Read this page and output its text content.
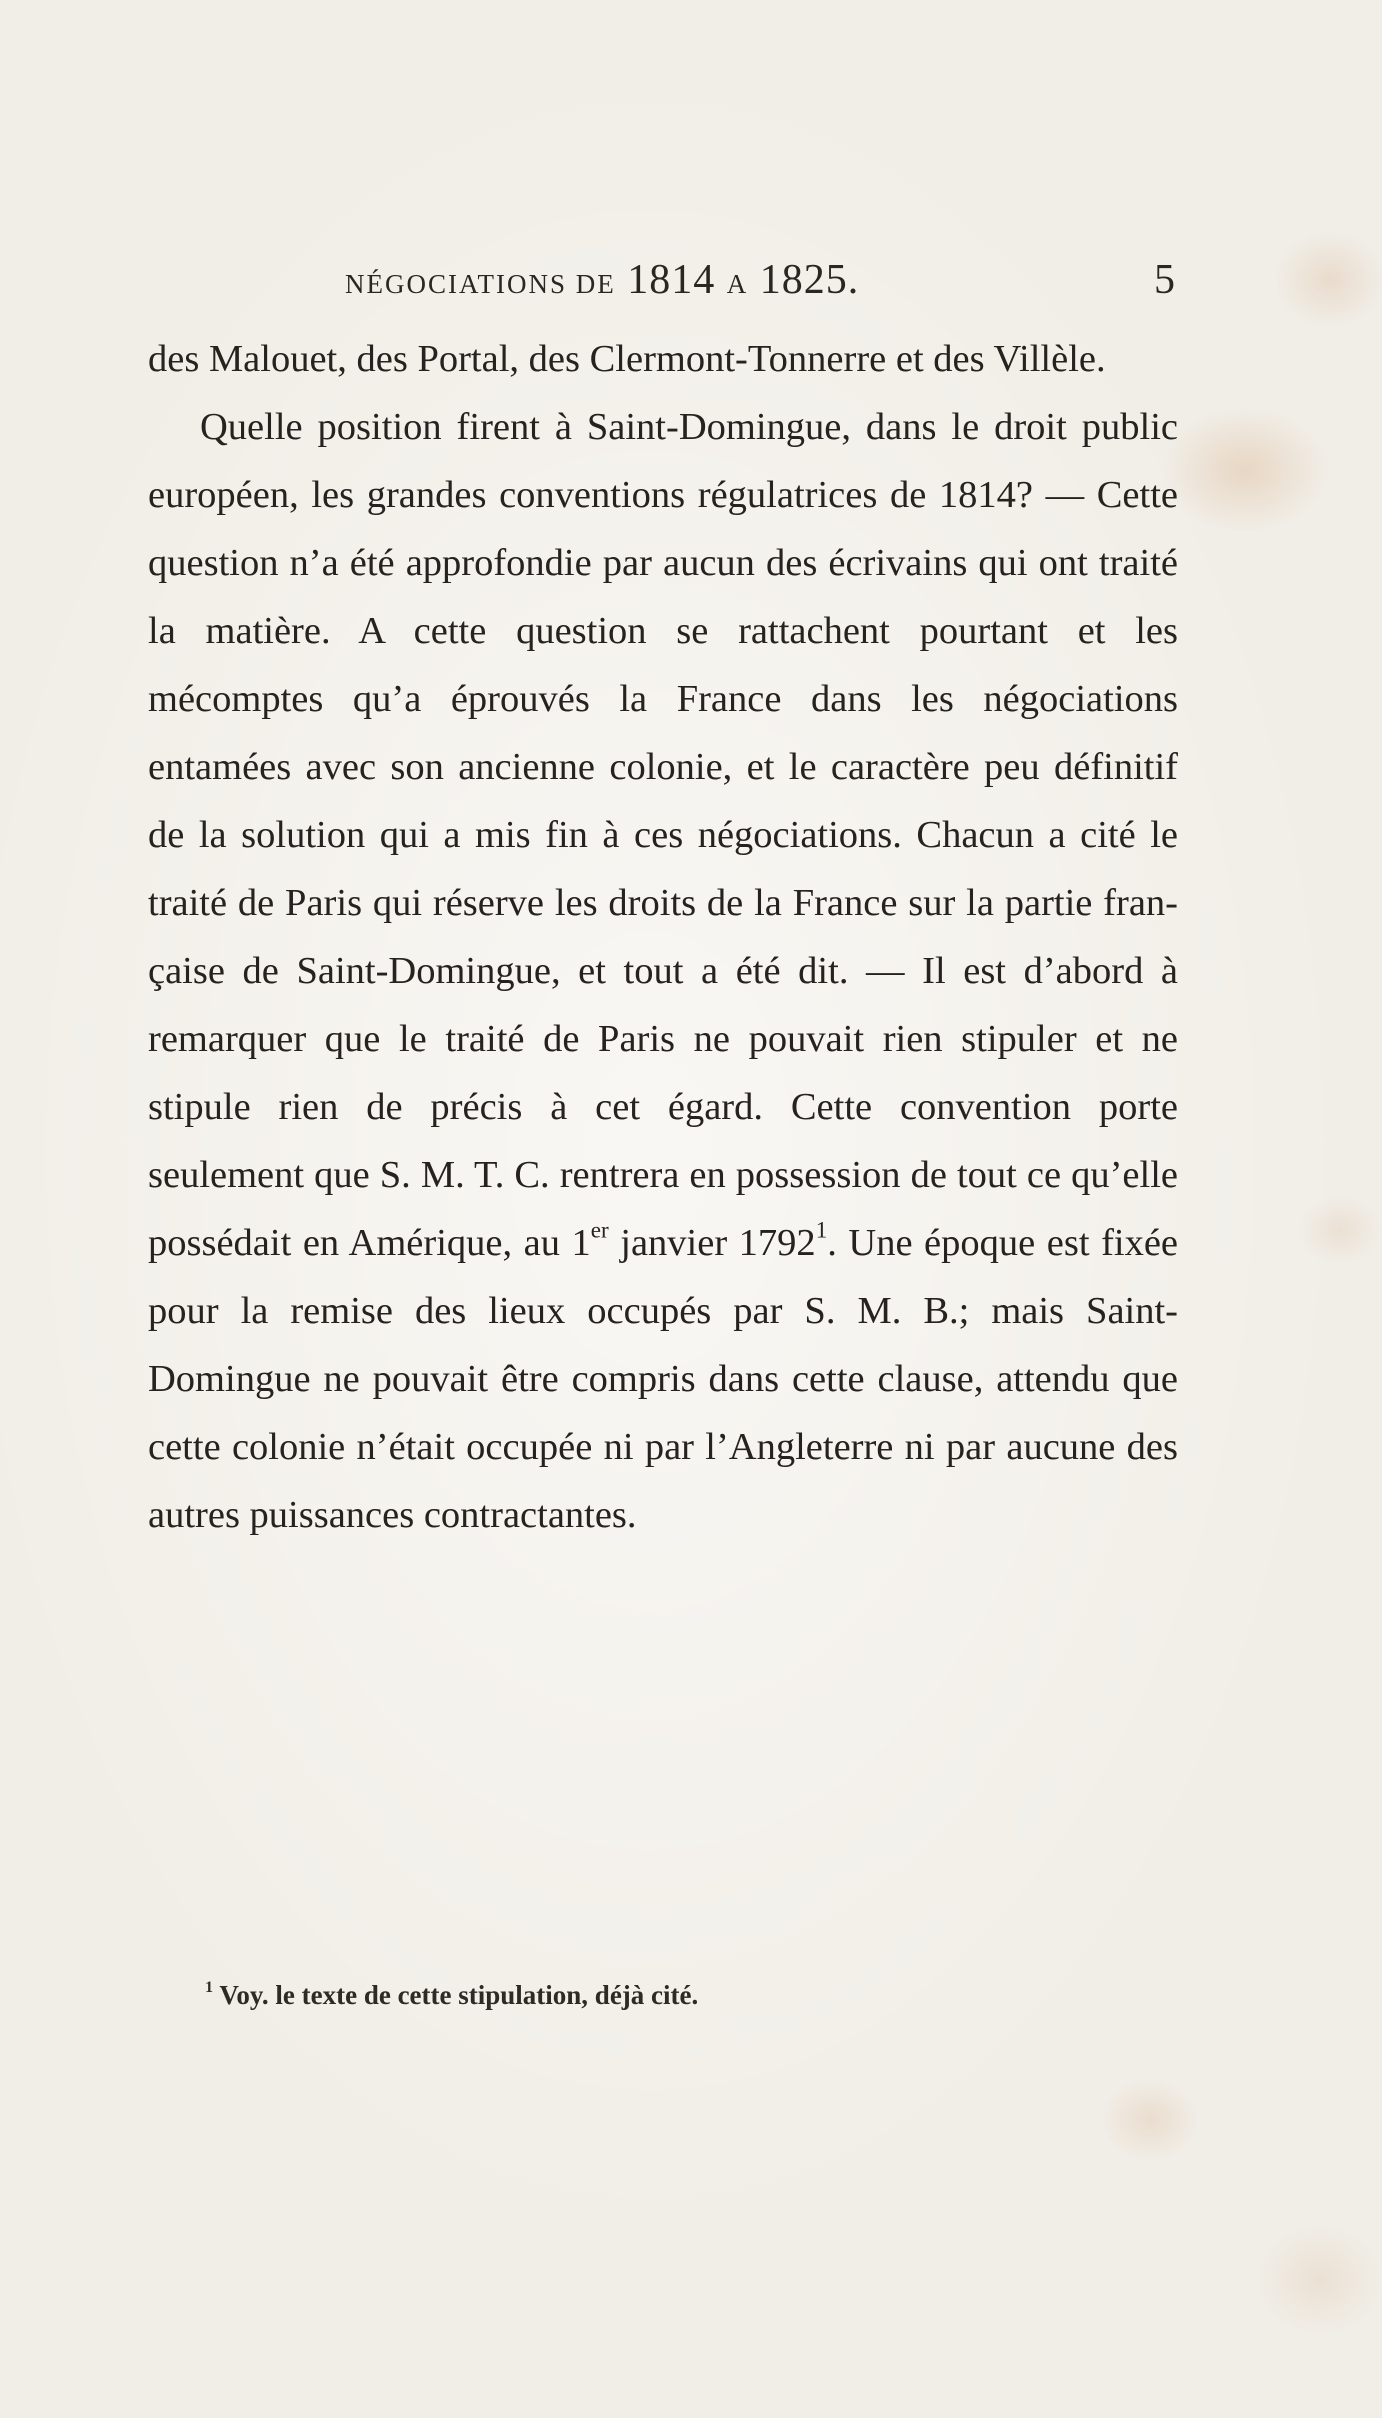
NÉGOCIATIONS DE 1814 A 1825.	5

des Malouet, des Portal, des Clermont-Tonnerre et des Villèle.

Quelle position firent à Saint-Domingue, dans le droit public européen, les grandes conventions régulatrices de 1814? — Cette question n’a été approfondie par aucun des écrivains qui ont traité la matière. A cette question se rattachent pourtant et les mécomptes qu’a éprouvés la France dans les négociations entamées avec son ancienne colonie, et le caractère peu définitif de la solution qui a mis fin à ces négociations. Chacun a cité le traité de Paris qui réserve les droits de la France sur la partie française de Saint-Domingue, et tout a été dit. — Il est d’abord à remarquer que le traité de Paris ne pouvait rien stipuler et ne stipule rien de précis à cet égard. Cette convention porte seulement que S. M. T. C. rentrera en possession de tout ce qu’elle possédait en Amérique, au 1er janvier 1792$^1$. Une époque est fixée pour la remise des lieux occupés par S. M. B.; mais Saint-Domingue ne pouvait être compris dans cette clause, attendu que cette colonie n’était occupée ni par l’Angleterre ni par aucune des autres puissances contractantes.

$^1$ Voy. le texte de cette stipulation, déjà cité.
